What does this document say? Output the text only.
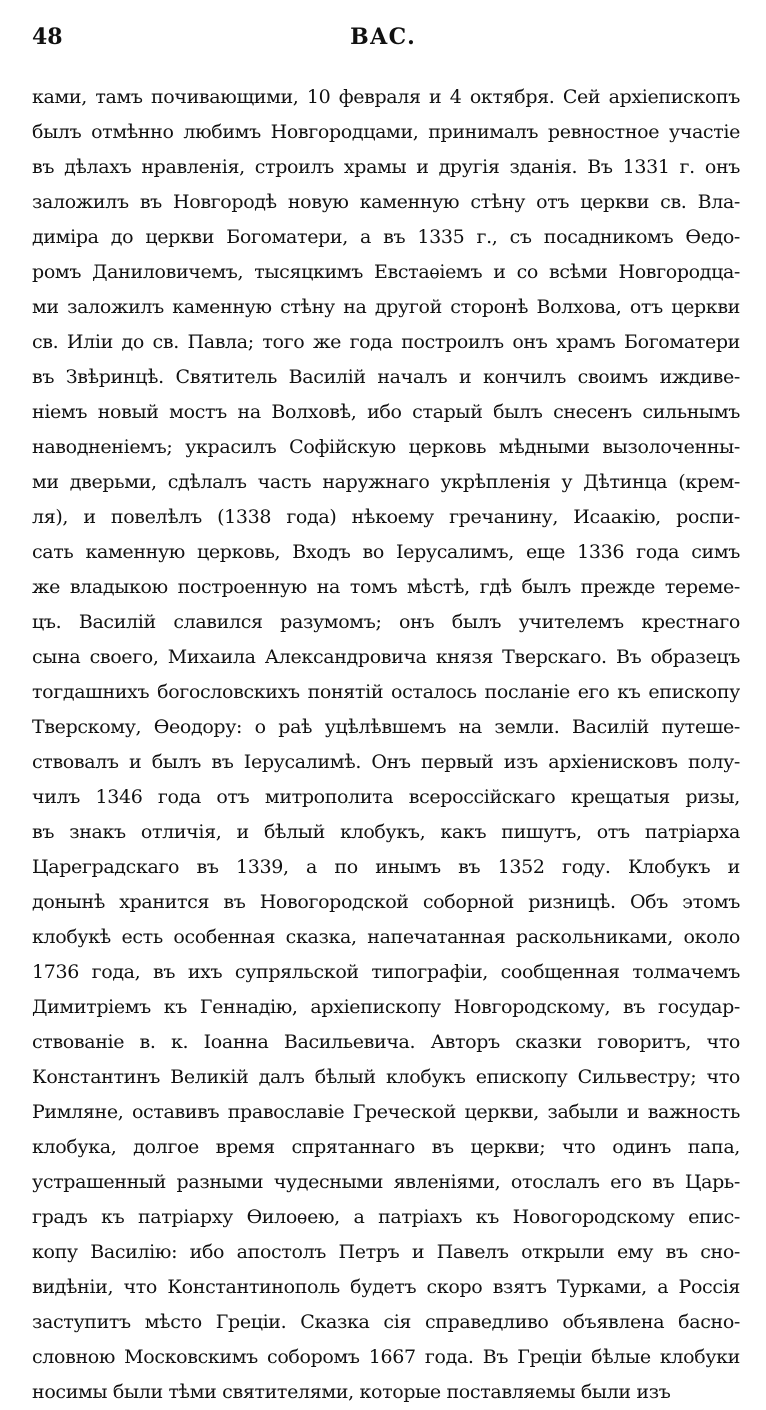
48	ВАС.
ками, тамъ почивающими, 10 февраля и 4 октября. Сей архіепископъ
былъ отмѣнно любимъ Новгородцами, принималъ ревностное участіе
въ дѣлахъ нравленія, строилъ храмы и другія зданія. Въ 1331 г. онъ
заложилъ въ Новгородѣ новую каменную стѣну отъ церкви св. Вла-
диміра до церкви Богоматери, а въ 1335 г., съ посадникомъ Ѳедо-
ромъ Даниловичемъ, тысяцкимъ Евстаѳіемъ и со всѣми Новгородца-
ми заложилъ каменную стѣну на другой сторонѣ Волхова, отъ церкви
св. Иліи до св. Павла; того же года построилъ онъ храмъ Богоматери
въ Звѣринцѣ. Святитель Василій началъ и кончилъ своимъ иждиве-
ніемъ новый мостъ на Волховѣ, ибо старый былъ снесенъ сильнымъ
наводненіемъ; украсилъ Софійскую церковь мѣдными вызолоченны-
ми дверьми, сдѣлалъ часть наружнаго укрѣпленія у Дѣтинца (крем-
ля), и повелѣлъ (1338 года) нѣкоему гречанину, Исаакію, роспи-
сать каменную церковь, Входъ во Іерусалимъ, еще 1336 года симъ
же владыкою построенную на томъ мѣстѣ, гдѣ былъ прежде тереме-
цъ. Василій славился разумомъ; онъ былъ учителемъ крестнаго
сына своего, Михаила Александровича князя Тверскаго. Въ образецъ
тогдашнихъ богословскихъ понятій осталось посланіе его къ епископу
Тверскому, Ѳеодору: о раѣ уцѣлѣвшемъ на земли. Василій путеше-
ствовалъ и былъ въ Іерусалимѣ. Онъ первый изъ архіенисковъ полу-
чилъ 1346 года отъ митрополита всероссійскаго крещатыя ризы,
въ знакъ отличія, и бѣлый клобукъ, какъ пишутъ, отъ патріарха
Цареградскаго въ 1339, а по инымъ въ 1352 году. Клобукъ и
донынѣ хранится въ Новогородской соборной ризницѣ. Объ этомъ
клобукѣ есть особенная сказка, напечатанная раскольниками, около
1736 года, въ ихъ супряльской типографіи, сообщенная толмачемъ
Димитріемъ къ Геннадію, архіепископу Новгородскому, въ государ-
ствованіе в. к. Іоанна Васильевича. Авторъ сказки говоритъ, что
Константинъ Великій далъ бѣлый клобукъ епископу Сильвестру; что
Римляне, оставивъ православіе Греческой церкви, забыли и важность
клобука, долгое время спрятаннаго въ церкви; что одинъ папа,
устрашенный разными чудесными явленіями, отослалъ его въ Царь-
градъ къ патріарху Ѳилоѳею, а патріахъ къ Новогородскому епис-
копу Василію: ибо апостолъ Петръ и Павелъ открыли ему въ сно-
видѣніи, что Константинополь будетъ скоро взятъ Турками, а Россія
заступитъ мѣсто Греціи. Сказка сія справедливо объявлена басно-
словною Московскимъ соборомъ 1667 года. Въ Греціи бѣлые клобуки
носимы были тѣми святителями, которые поставляемы были изъ
